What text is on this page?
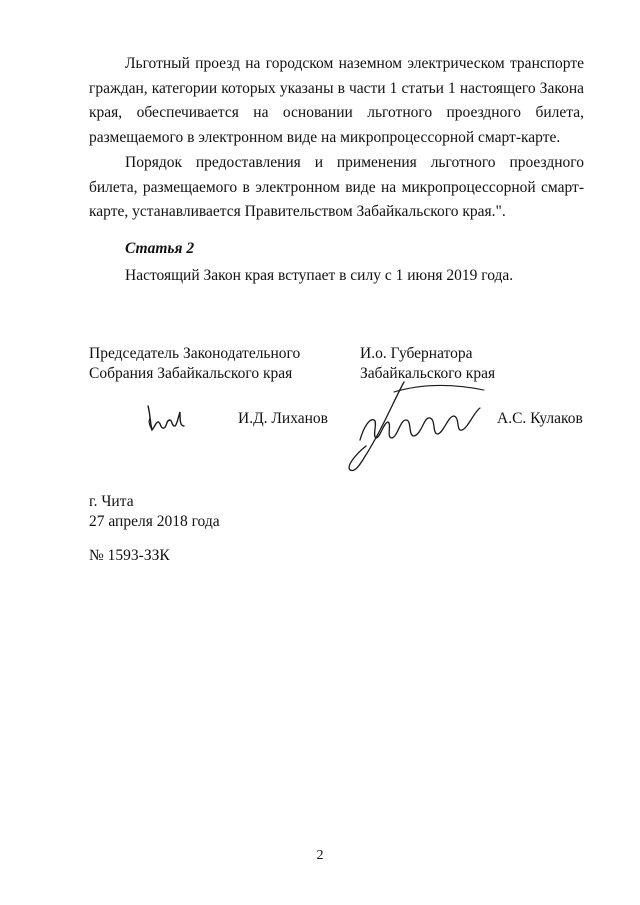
Льготный проезд на городском наземном электрическом транспорте граждан, категории которых указаны в части 1 статьи 1 настоящего Закона края, обеспечивается на основании льготного проездного билета, размещаемого в электронном виде на микропроцессорной смарт-карте.

Порядок предоставления и применения льготного проездного билета, размещаемого в электронном виде на микропроцессорной смарт-карте, устанавливается Правительством Забайкальского края.".

Статья 2

Настоящий Закон края вступает в силу с 1 июня 2019 года.

Председатель Законодательного
Собрания Забайкальского края
И.о. Губернатора
Забайкальского края
И.Д. Лиханов	А.С. Кулаков
г. Чита
27 апреля 2018 года
№ 1593-ЗЗК
2
